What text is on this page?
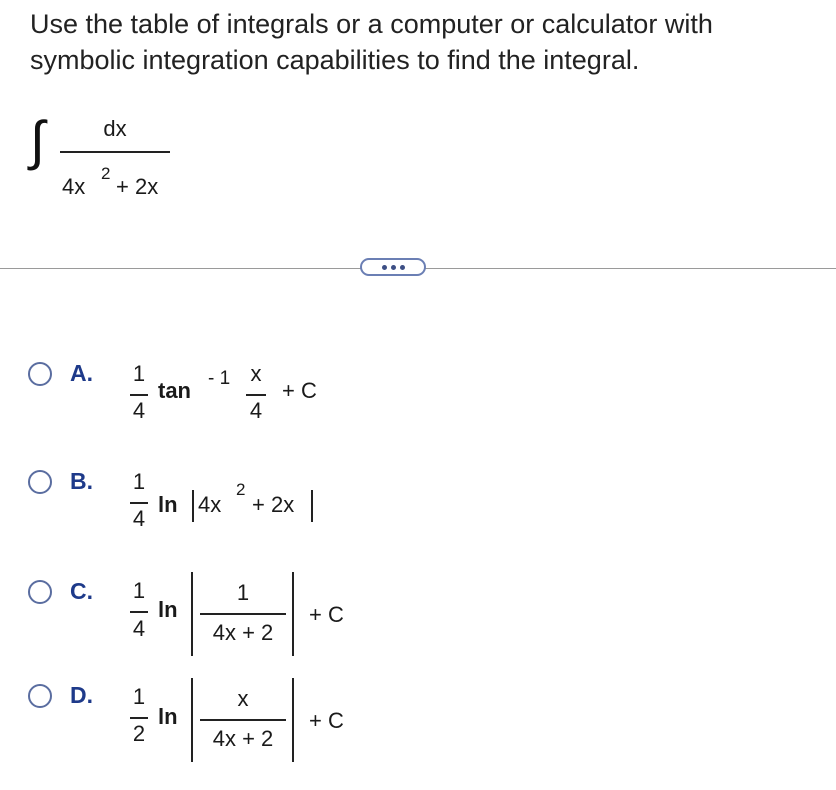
Use the table of integrals or a computer or calculator with symbolic integration capabilities to find the integral.
∫	dx
4x
2
+ 2x
A. 1
4
tan - 1 x
4
+ C
B. 1
4
ln 4x
2
+ 2x
C. 1
4
ln
1
4x + 2
+ C
D. 1
2
ln
x
4x + 2
+ C
